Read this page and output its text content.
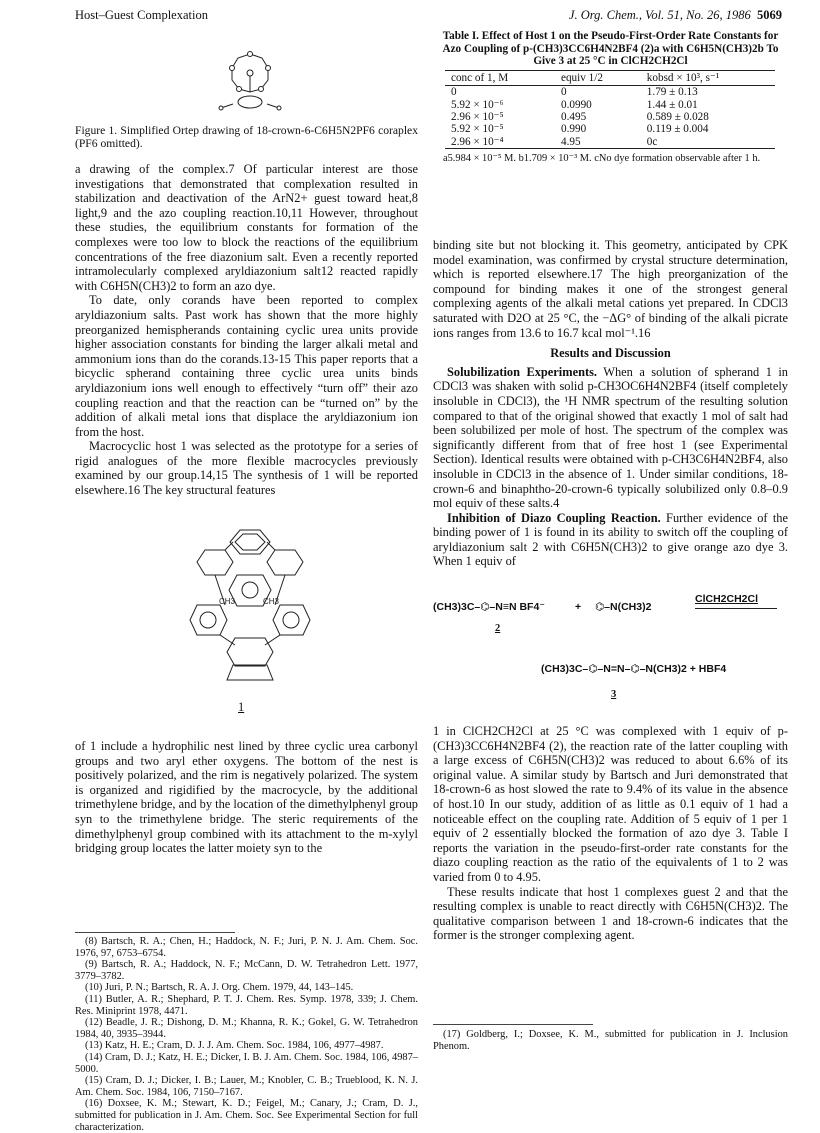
Host–Guest Complexation	J. Org. Chem., Vol. 51, No. 26, 1986 5069

Figure 1. Simplified Ortep drawing of 18-crown-6-C6H5N2PF6 coraplex (PF6 omitted).

a drawing of the complex.7 Of particular interest are those investigations that demonstrated that complexation resulted in stabilization and deactivation of the ArN2+ guest toward heat,8 light,9 and the azo coupling reaction.10,11 However, throughout these studies, the equilibrium constants for formation of the complexes were too low to block the reactions of the equilibrium concentrations of the free diazonium salt. Even a recently reported intramolecularly complexed aryldiazonium salt12 reacted rapidly with C6H5N(CH3)2 to form an azo dye.

To date, only corands have been reported to complex aryldiazonium salts. Past work has shown that the more highly preorganized hemispherands containing cyclic urea units provide higher association constants for binding the larger alkali metal and ammonium ions than do the corands.13-15 This paper reports that a bicyclic spherand containing three cyclic urea units binds aryldiazonium ions well enough to effectively “turn off” their azo coupling reaction and that the reaction can be “turned on” by the addition of alkali metal ions that displace the aryldiazonium ion from the host.

Macrocyclic host 1 was selected as the prototype for a series of rigid analogues of the more flexible macrocycles previously examined by our group.14,15 The synthesis of 1 will be reported elsewhere.16 The key structural features

CH3	CH3
1

of 1 include a hydrophilic nest lined by three cyclic urea carbonyl groups and two aryl ether oxygens. The bottom of the nest is positively polarized, and the rim is negatively polarized. The system is organized and rigidified by the macrocycle, by the additional trimethylene bridge, and by the location of the dimethylphenyl group syn to the trimethylene bridge. The steric requirements of the dimethylphenyl group combined with its attachment to the m-xylyl bridging group locates the latter moiety syn to the

(8) Bartsch, R. A.; Chen, H.; Haddock, N. F.; Juri, P. N. J. Am. Chem. Soc. 1976, 97, 6753–6754.

(9) Bartsch, R. A.; Haddock, N. F.; McCann, D. W. Tetrahedron Lett. 1977, 3779–3782.

(10) Juri, P. N.; Bartsch, R. A. J. Org. Chem. 1979, 44, 143–145.

(11) Butler, A. R.; Shephard, P. T. J. Chem. Res. Symp. 1978, 339; J. Chem. Res. Miniprint 1978, 4471.

(12) Beadle, J. R.; Dishong, D. M.; Khanna, R. K.; Gokel, G. W. Tetrahedron 1984, 40, 3935–3944.

(13) Katz, H. E.; Cram, D. J. J. Am. Chem. Soc. 1984, 106, 4977–4987.

(14) Cram, D. J.; Katz, H. E.; Dicker, I. B. J. Am. Chem. Soc. 1984, 106, 4987–5000.

(15) Cram, D. J.; Dicker, I. B.; Lauer, M.; Knobler, C. B.; Trueblood, K. N. J. Am. Chem. Soc. 1984, 106, 7150–7167.

(16) Doxsee, K. M.; Stewart, K. D.; Feigel, M.; Canary, J.; Cram, D. J., submitted for publication in J. Am. Chem. Soc. See Experimental Section for full characterization.

Table I. Effect of Host 1 on the Pseudo-First-Order Rate Constants for Azo Coupling of p-(CH3)3CC6H4N2BF4 (2)a with C6H5N(CH3)2b To Give 3 at 25 °C in ClCH2CH2Cl

conc of 1, M	equiv 1/2	kobsd × 10³, s⁻¹
0	0	1.79 ± 0.13
5.92 × 10⁻⁶	0.0990	1.44 ± 0.01
2.96 × 10⁻⁵	0.495	0.589 ± 0.028
5.92 × 10⁻⁵	0.990	0.119 ± 0.004
2.96 × 10⁻⁴	4.95	0c

a5.984 × 10⁻⁵ M. b1.709 × 10⁻³ M. cNo dye formation observable after 1 h.

binding site but not blocking it. This geometry, anticipated by CPK model examination, was confirmed by crystal structure determination, which is reported elsewhere.17 The high preorganization of the compound for binding makes it one of the strongest general complexing agents of the alkali metal cations yet prepared. In CDCl3 saturated with D2O at 25 °C, the −ΔG° of binding of the alkali picrate ions ranges from 13.6 to 16.7 kcal mol⁻¹.16

Results and Discussion

Solubilization Experiments. When a solution of spherand 1 in CDCl3 was shaken with solid p-CH3OC6H4N2BF4 (itself completely insoluble in CDCl3), the ¹H NMR spectrum of the resulting solution compared to that of the original showed that exactly 1 mol of salt had been solubilized per mole of host. The spectrum of the complex was significantly different from that of free host 1 (see Experimental Section). Identical results were obtained with p-CH3C6H4N2BF4, also insoluble in CDCl3 in the absence of 1. Under similar conditions, 18-crown-6 and binaphtho-20-crown-6 typically solubilized only 0.8–0.9 mol equiv of these salts.4

Inhibition of Diazo Coupling Reaction. Further evidence of the binding power of 1 is found in its ability to switch off the coupling of aryldiazonium salt 2 with C6H5N(CH3)2 to give orange azo dye 3. When 1 equiv of

(CH3)3C–⌬–N≡N BF4⁻	+ ⌬–N(CH3)2
ClCH2CH2Cl
2
(CH3)3C–⌬–N=N–⌬–N(CH3)2 + HBF4
3

1 in ClCH2CH2Cl at 25 °C was complexed with 1 equiv of p-(CH3)3CC6H4N2BF4 (2), the reaction rate of the latter coupling with a large excess of C6H5N(CH3)2 was reduced to about 6.6% of its original value. A similar study by Bartsch and Juri demonstrated that 18-crown-6 as host slowed the rate to 9.4% of its value in the absence of host.10 In our study, addition of as little as 0.1 equiv of 1 had a noticeable effect on the coupling rate. Addition of 5 equiv of 1 per 1 equiv of 2 essentially blocked the formation of azo dye 3. Table I reports the variation in the pseudo-first-order rate constants for the diazo coupling reaction as the ratio of the equivalents of 1 to 2 was varied from 0 to 4.95.

These results indicate that host 1 complexes guest 2 and that the resulting complex is unable to react directly with C6H5N(CH3)2. The qualitative comparison between 1 and 18-crown-6 indicates that the former is the stronger complexing agent.

(17) Goldberg, I.; Doxsee, K. M., submitted for publication in J. Inclusion Phenom.
